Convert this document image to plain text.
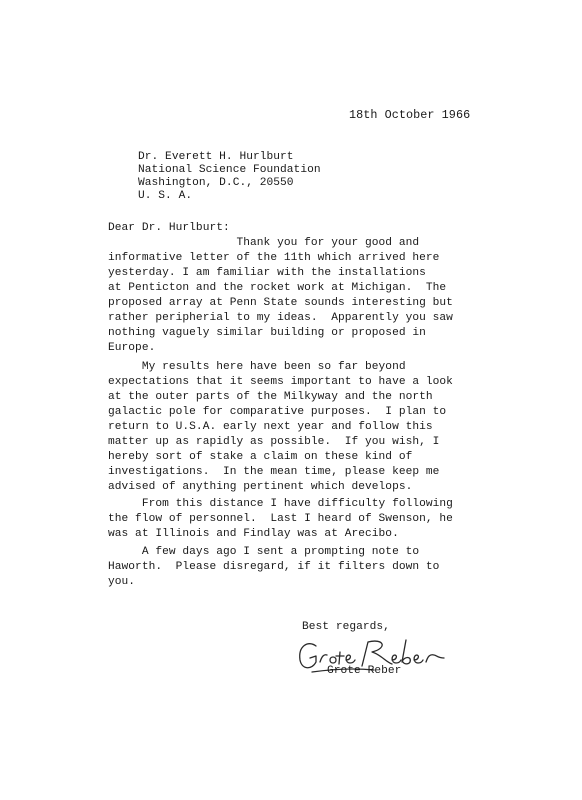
18th October 1966
Dr. Everett H. Hurlburt
National Science Foundation
Washington, D.C., 20550
U. S. A.
Dear Dr. Hurlburt:
Thank you for your good and
informative letter of the 11th which arrived here
yesterday. I am familiar with the installations
at Penticton and the rocket work at Michigan.  The
proposed array at Penn State sounds interesting but
rather peripherial to my ideas.  Apparently you saw
nothing vaguely similar building or proposed in
Europe.
My results here have been so far beyond
expectations that it seems important to have a look
at the outer parts of the Milkyway and the north
galactic pole for comparative purposes.  I plan to
return to U.S.A. early next year and follow this
matter up as rapidly as possible.  If you wish, I
hereby sort of stake a claim on these kind of
investigations.  In the mean time, please keep me
advised of anything pertinent which develops.
From this distance I have difficulty following
the flow of personnel.  Last I heard of Swenson, he
was at Illinois and Findlay was at Arecibo.
A few days ago I sent a prompting note to
Haworth.  Please disregard, if it filters down to
you.
Best regards,
Grote Reber
